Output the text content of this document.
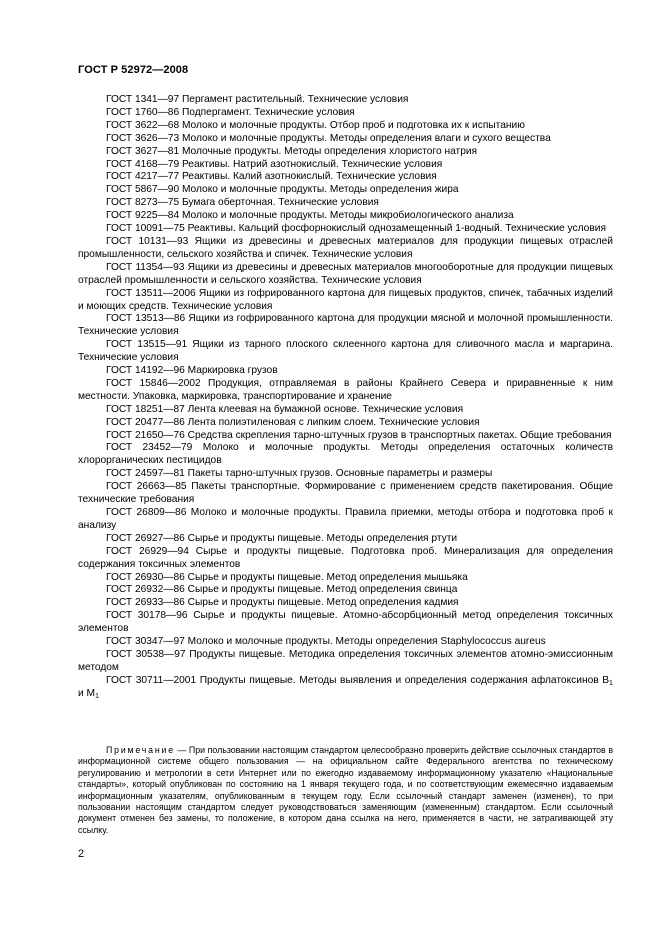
ГОСТ Р 52972—2008

ГОСТ 1341—97 Пергамент растительный. Технические условия

ГОСТ 1760—86 Подпергамент. Технические условия

ГОСТ 3622—68 Молоко и молочные продукты. Отбор проб и подготовка их к испытанию

ГОСТ 3626—73 Молоко и молочные продукты. Методы определения влаги и сухого вещества

ГОСТ 3627—81 Молочные продукты. Методы определения хлористого натрия

ГОСТ 4168—79 Реактивы. Натрий азотнокислый. Технические условия

ГОСТ 4217—77 Реактивы. Калий азотнокислый. Технические условия

ГОСТ 5867—90 Молоко и молочные продукты. Методы определения жира

ГОСТ 8273—75 Бумага оберточная. Технические условия

ГОСТ 9225—84 Молоко и молочные продукты. Методы микробиологического анализа

ГОСТ 10091—75 Реактивы. Кальций фосфорнокислый однозамещенный 1-водный. Технические условия

ГОСТ 10131—93 Ящики из древесины и древесных материалов для продукции пищевых отраслей промышленности, сельского хозяйства и спичек. Технические условия

ГОСТ 11354—93 Ящики из древесины и древесных материалов многооборотные для продукции пищевых отраслей промышленности и сельского хозяйства. Технические условия

ГОСТ 13511—2006 Ящики из гофрированного картона для пищевых продуктов, спичек, табачных изделий и моющих средств. Технические условия

ГОСТ 13513—86 Ящики из гофрированного картона для продукции мясной и молочной промышленности. Технические условия

ГОСТ 13515—91 Ящики из тарного плоского склеенного картона для сливочного масла и маргарина. Технические условия

ГОСТ 14192—96 Маркировка грузов

ГОСТ 15846—2002 Продукция, отправляемая в районы Крайнего Севера и приравненные к ним местности. Упаковка, маркировка, транспортирование и хранение

ГОСТ 18251—87 Лента клеевая на бумажной основе. Технические условия

ГОСТ 20477—86 Лента полиэтиленовая с липким слоем. Технические условия

ГОСТ 21650—76 Средства скрепления тарно-штучных грузов в транспортных пакетах. Общие требования

ГОСТ 23452—79 Молоко и молочные продукты. Методы определения остаточных количеств хлорорганических пестицидов

ГОСТ 24597—81 Пакеты тарно-штучных грузов. Основные параметры и размеры

ГОСТ 26663—85 Пакеты транспортные. Формирование с применением средств пакетирования. Общие технические требования

ГОСТ 26809—86 Молоко и молочные продукты. Правила приемки, методы отбора и подготовка проб к анализу

ГОСТ 26927—86 Сырье и продукты пищевые. Методы определения ртути

ГОСТ 26929—94 Сырье и продукты пищевые. Подготовка проб. Минерализация для определения содержания токсичных элементов

ГОСТ 26930—86 Сырье и продукты пищевые. Метод определения мышьяка

ГОСТ 26932—86 Сырье и продукты пищевые. Метод определения свинца

ГОСТ 26933—86 Сырье и продукты пищевые. Метод определения кадмия

ГОСТ 30178—96 Сырье и продукты пищевые. Атомно-абсорбционный метод определения токсичных элементов

ГОСТ 30347—97 Молоко и молочные продукты. Методы определения Staphylococcus aureus

ГОСТ 30538—97 Продукты пищевые. Методика определения токсичных элементов атомно-эмиссионным методом

ГОСТ 30711—2001 Продукты пищевые. Методы выявления и определения содержания афлатоксинов $B_1$ и $M_1$

Примечание — При пользовании настоящим стандартом целесообразно проверить действие ссылочных стандартов в информационной системе общего пользования — на официальном сайте Федерального агентства по техническому регулированию и метрологии в сети Интернет или по ежегодно издаваемому информационному указателю «Национальные стандарты», который опубликован по состоянию на 1 января текущего года, и по соответствующим ежемесячно издаваемым информационным указателям, опубликованным в текущем году. Если ссылочный стандарт заменен (изменен), то при пользовании настоящим стандартом следует руководствоваться заменяющим (измененным) стандартом. Если ссылочный документ отменен без замены, то положение, в котором дана ссылка на него, применяется в части, не затрагивающей эту ссылку.
2
